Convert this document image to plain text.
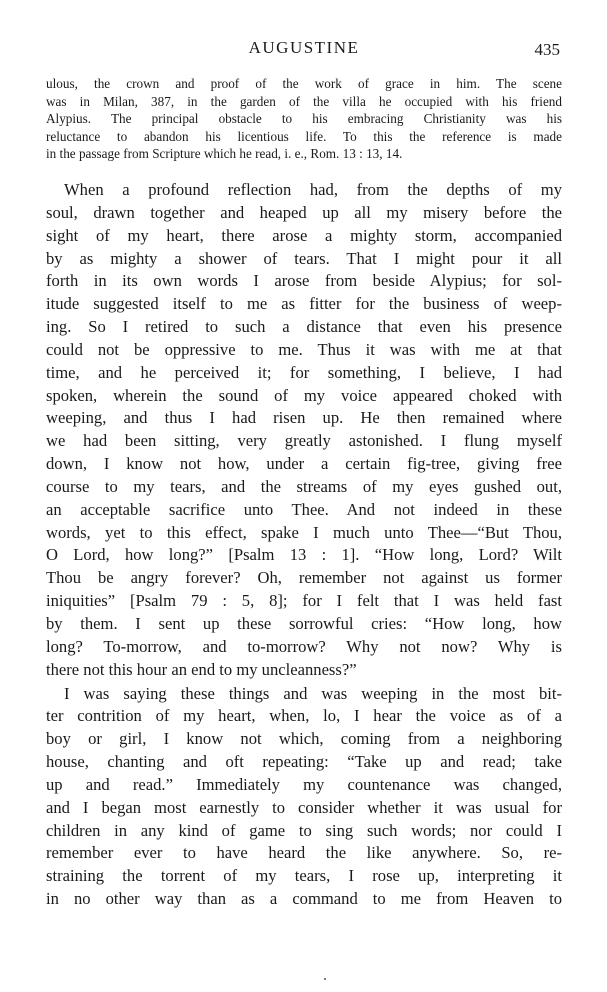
AUGUSTINE	435
ulous, the crown and proof of the work of grace in him. The scene
was in Milan, 387, in the garden of the villa he occupied with his friend
Alypius. The principal obstacle to his embracing Christianity was his
reluctance to abandon his licentious life. To this the reference is made
in the passage from Scripture which he read, i. e., Rom. 13 : 13, 14.
When a profound reflection had, from the depths of my
soul, drawn together and heaped up all my misery before the
sight of my heart, there arose a mighty storm, accompanied
by as mighty a shower of tears. That I might pour it all
forth in its own words I arose from beside Alypius; for sol-
itude suggested itself to me as fitter for the business of weep-
ing. So I retired to such a distance that even his presence
could not be oppressive to me. Thus it was with me at that
time, and he perceived it; for something, I believe, I had
spoken, wherein the sound of my voice appeared choked with
weeping, and thus I had risen up. He then remained where
we had been sitting, very greatly astonished. I flung myself
down, I know not how, under a certain fig-tree, giving free
course to my tears, and the streams of my eyes gushed out,
an acceptable sacrifice unto Thee. And not indeed in these
words, yet to this effect, spake I much unto Thee—“But Thou,
O Lord, how long?” [Psalm 13 : 1]. “How long, Lord? Wilt
Thou be angry forever? Oh, remember not against us former
iniquities” [Psalm 79 : 5, 8]; for I felt that I was held fast
by them. I sent up these sorrowful cries: “How long, how
long? To-morrow, and to-morrow? Why not now? Why is
there not this hour an end to my uncleanness?”
I was saying these things and was weeping in the most bit-
ter contrition of my heart, when, lo, I hear the voice as of a
boy or girl, I know not which, coming from a neighboring
house, chanting and oft repeating: “Take up and read; take
up and read.” Immediately my countenance was changed,
and I began most earnestly to consider whether it was usual for
children in any kind of game to sing such words; nor could I
remember ever to have heard the like anywhere. So, re-
straining the torrent of my tears, I rose up, interpreting it
in no other way than as a command to me from Heaven to
